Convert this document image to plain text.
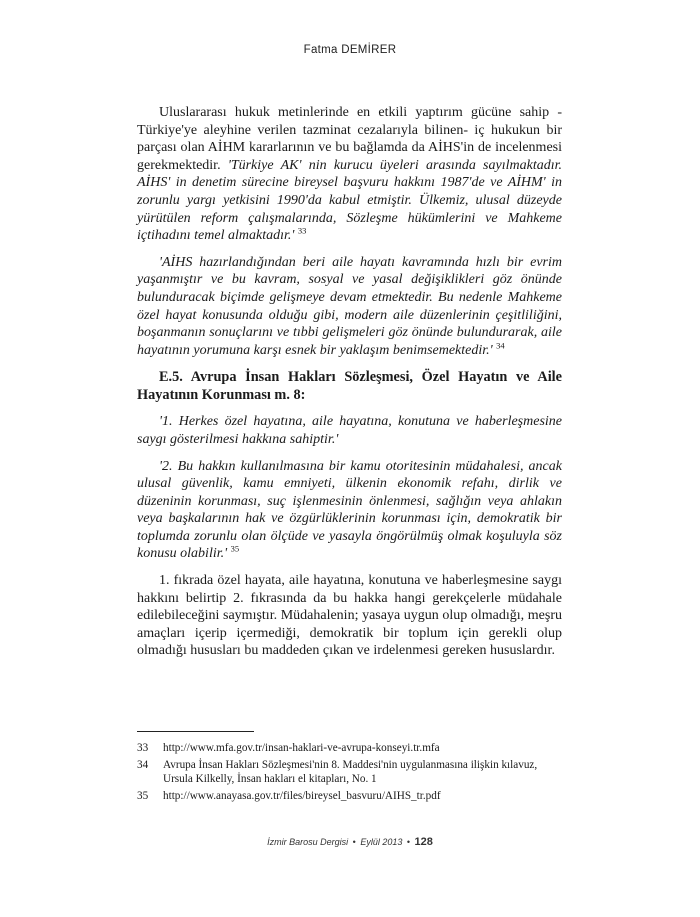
Fatma DEMİRER

Uluslararası hukuk metinlerinde en etkili yaptırım gücüne sahip -Türkiye'ye aleyhine verilen tazminat cezalarıyla bilinen- iç hukukun bir parçası olan AİHM kararlarının ve bu bağlamda da AİHS'in de incelenmesi gerekmektedir. 'Türkiye AK' nin kurucu üyeleri arasında sayılmaktadır. AİHS' in denetim sürecine bireysel başvuru hakkını 1987'de ve AİHM' in zorunlu yargı yetkisini 1990'da kabul etmiştir. Ülkemiz, ulusal düzeyde yürütülen reform çalışmalarında, Sözleşme hükümlerini ve Mahkeme içtihadını temel almaktadır.' $^{33}$

'AİHS hazırlandığından beri aile hayatı kavramında hızlı bir evrim yaşanmıştır ve bu kavram, sosyal ve yasal değişiklikleri göz önünde bulunduracak biçimde gelişmeye devam etmektedir. Bu nedenle Mahkeme özel hayat konusunda olduğu gibi, modern aile düzenlerinin çeşitliliğini, boşanmanın sonuçlarını ve tıbbi gelişmeleri göz önünde bulundurarak, aile hayatının yorumuna karşı esnek bir yaklaşım benimsemektedir.' $^{34}$

E.5. Avrupa İnsan Hakları Sözleşmesi, Özel Hayatın ve Aile Hayatının Korunması m. 8:

'1. Herkes özel hayatına, aile hayatına, konutuna ve haberleşmesine saygı gösterilmesi hakkına sahiptir.'

'2. Bu hakkın kullanılmasına bir kamu otoritesinin müdahalesi, ancak ulusal güvenlik, kamu emniyeti, ülkenin ekonomik refahı, dirlik ve düzeninin korunması, suç işlenmesinin önlenmesi, sağlığın veya ahlakın veya başkalarının hak ve özgürlüklerinin korunması için, demokratik bir toplumda zorunlu olan ölçüde ve yasayla öngörülmüş olmak koşuluyla söz konusu olabilir.' $^{35}$

1. fıkrada özel hayata, aile hayatına, konutuna ve haberleşmesine saygı hakkını belirtip 2. fıkrasında da bu hakka hangi gerekçelerle müdahale edilebileceğini saymıştır. Müdahalenin; yasaya uygun olup olmadığı, meşru amaçları içerip içermediği, demokratik bir toplum için gerekli olup olmadığı hususları bu maddeden çıkan ve irdelenmesi gereken hususlardır.

33	http://www.mfa.gov.tr/insan-haklari-ve-avrupa-konseyi.tr.mfa
34	Avrupa İnsan Hakları Sözleşmesi'nin 8. Maddesi'nin uygulanmasına ilişkin kılavuz, Ursula Kilkelly, İnsan hakları el kitapları, No. 1
35	http://www.anayasa.gov.tr/files/bireysel_basvuru/AIHS_tr.pdf
İzmir Barosu Dergisi • Eylül 2013 • 128
